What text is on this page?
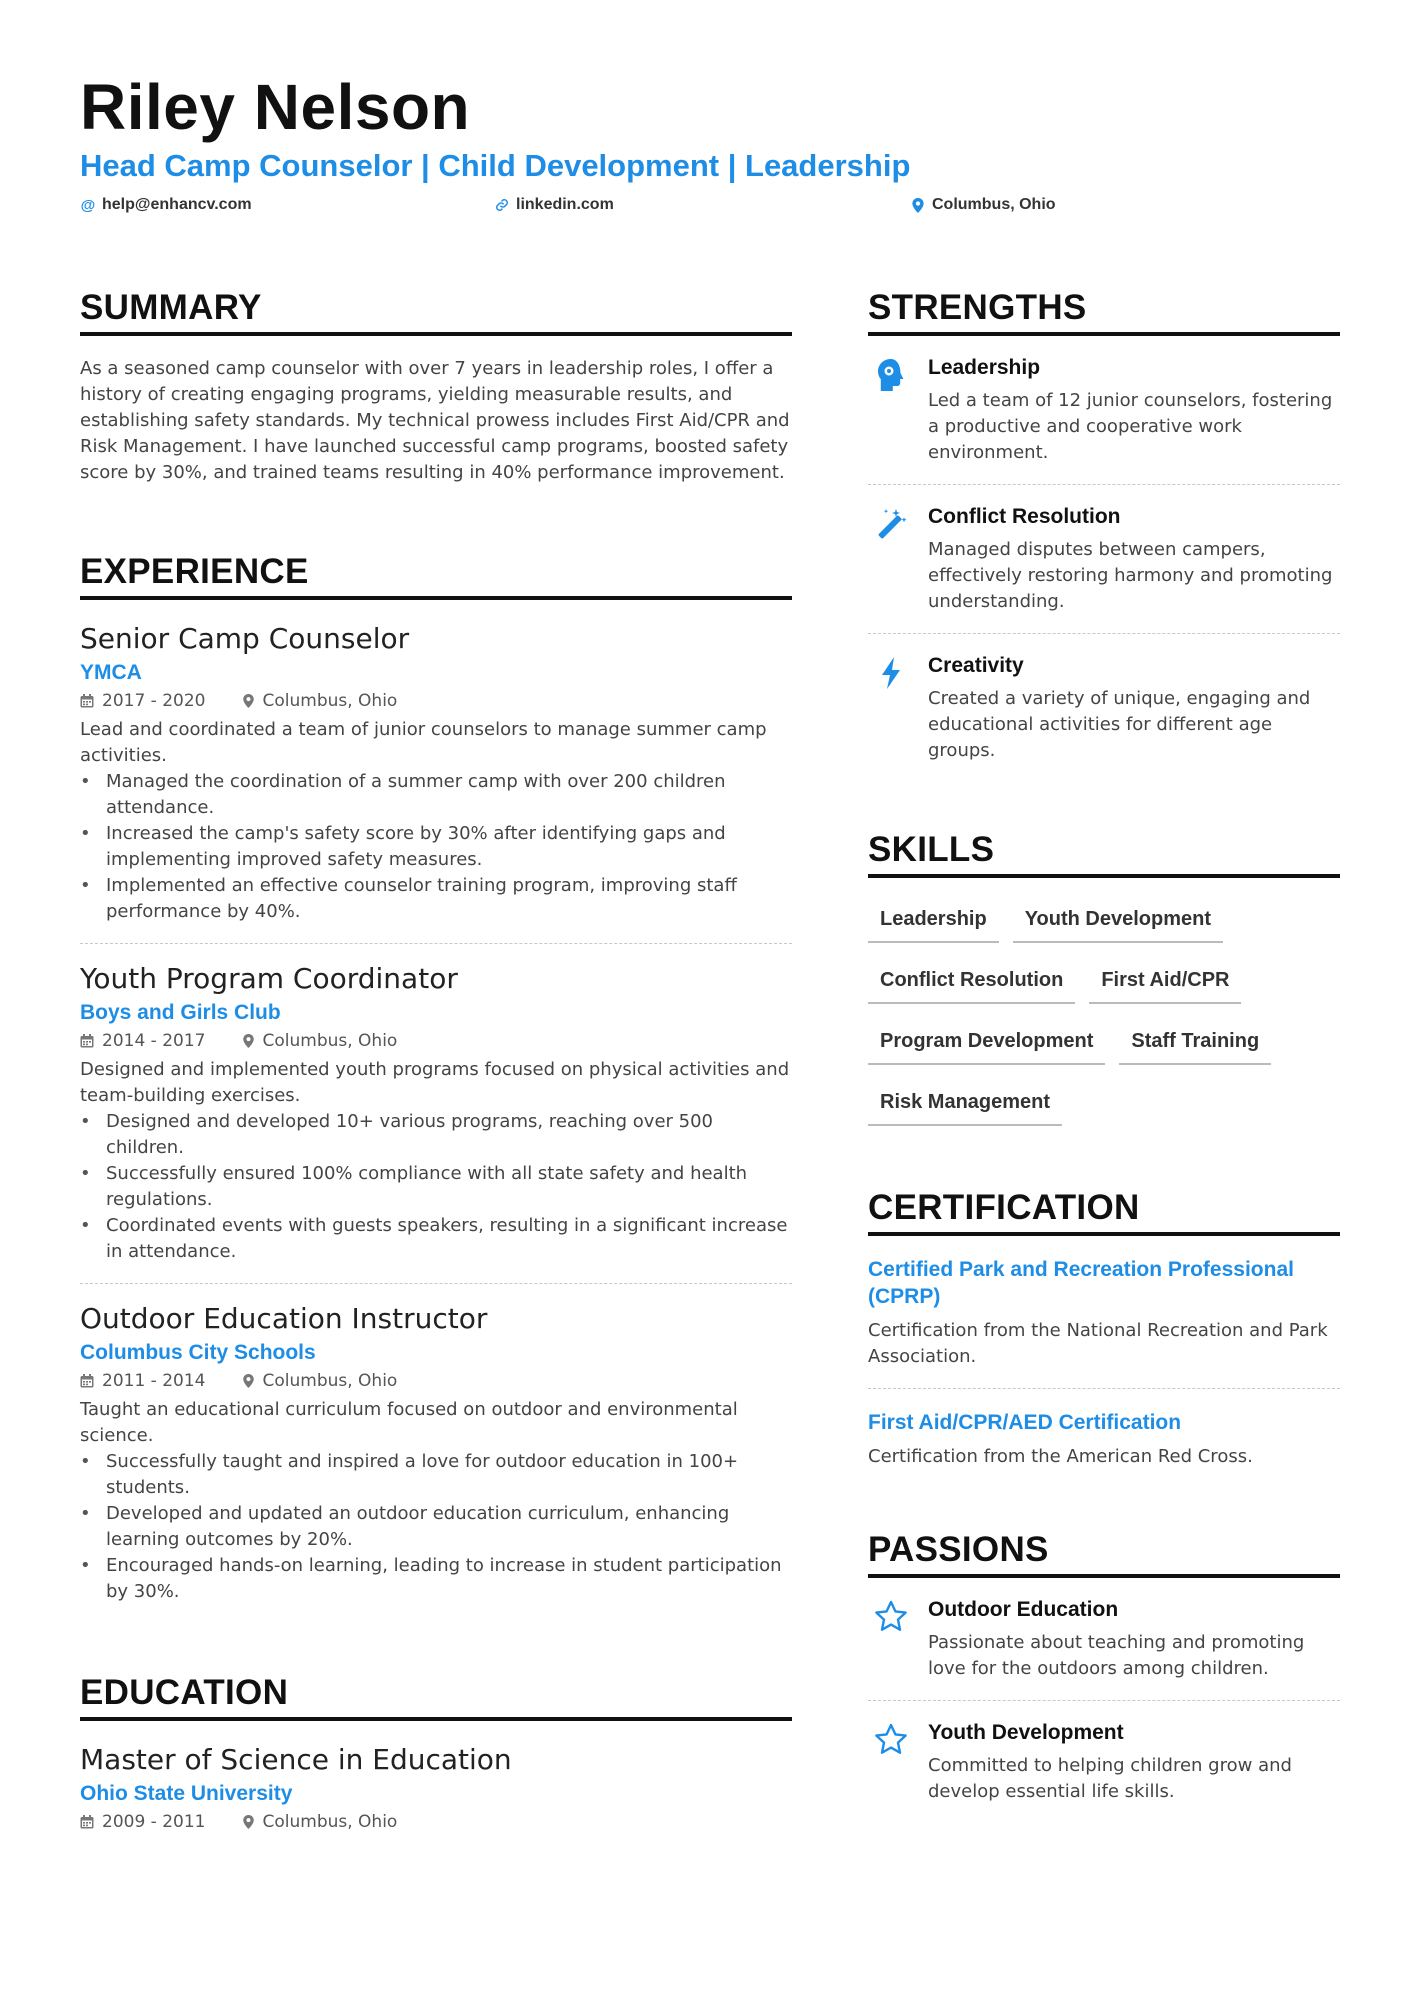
Riley Nelson
Head Camp Counselor | Child Development | Leadership
@ help@enhancv.com	linkedin.com	Columbus, Ohio
SUMMARY

As a seasoned camp counselor with over 7 years in leadership roles, I offer a history of creating engaging programs, yielding measurable results, and establishing safety standards. My technical prowess includes First Aid/CPR and Risk Management. I have launched successful camp programs, boosted safety score by 30%, and trained teams resulting in 40% performance improvement.

EXPERIENCE
Senior Camp Counselor
YMCA
2017 - 2020	Columbus, Ohio

Lead and coordinated a team of junior counselors to manage summer camp activities.

• Managed the coordination of a summer camp with over 200 children attendance.
• Increased the camp's safety score by 30% after identifying gaps and implementing improved safety measures.
• Implemented an effective counselor training program, improving staff performance by 40%.
Youth Program Coordinator
Boys and Girls Club
2014 - 2017	Columbus, Ohio

Designed and implemented youth programs focused on physical activities and team-building exercises.

• Designed and developed 10+ various programs, reaching over 500 children.
• Successfully ensured 100% compliance with all state safety and health regulations.
• Coordinated events with guests speakers, resulting in a significant increase in attendance.
Outdoor Education Instructor
Columbus City Schools
2011 - 2014	Columbus, Ohio

Taught an educational curriculum focused on outdoor and environmental science.

• Successfully taught and inspired a love for outdoor education in 100+ students.
• Developed and updated an outdoor education curriculum, enhancing learning outcomes by 20%.
• Encouraged hands-on learning, leading to increase in student participation by 30%.
EDUCATION
Master of Science in Education
Ohio State University
2009 - 2011	Columbus, Ohio
STRENGTHS
Leadership

Led a team of 12 junior counselors, fostering a productive and cooperative work environment.

Conflict Resolution

Managed disputes between campers, effectively restoring harmony and promoting understanding.

Creativity

Created a variety of unique, engaging and educational activities for different age groups.

SKILLS
Leadership	Youth Development
Conflict Resolution	First Aid/CPR
Program Development	Staff Training
Risk Management
CERTIFICATION
Certified Park and Recreation Professional (CPRP)

Certification from the National Recreation and Park Association.

First Aid/CPR/AED Certification

Certification from the American Red Cross.

PASSIONS
Outdoor Education

Passionate about teaching and promoting love for the outdoors among children.

Youth Development

Committed to helping children grow and develop essential life skills.
